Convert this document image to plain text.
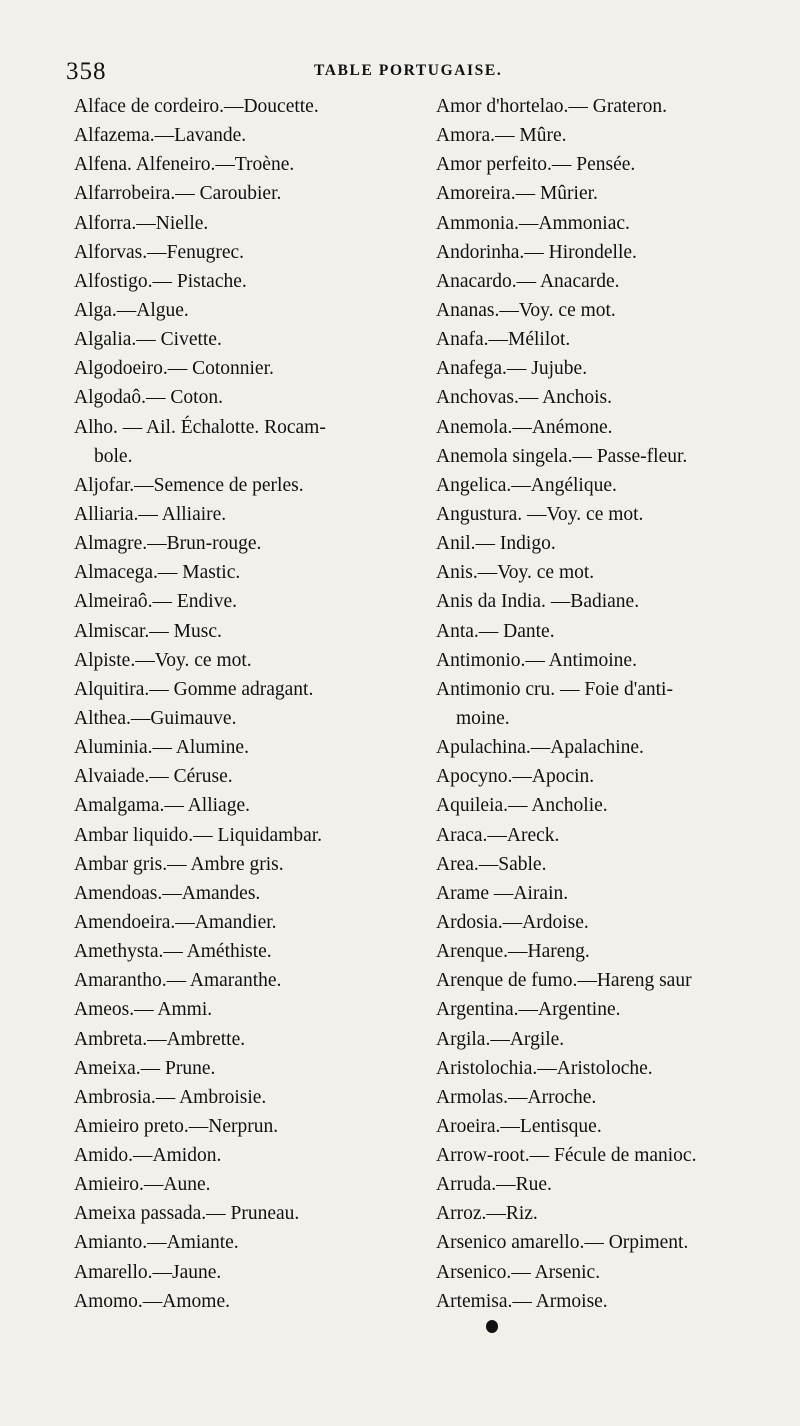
358	TABLE PORTUGAISE.
Alface de cordeiro.—Doucette.
Alfazema.—Lavande.
Alfena. Alfeneiro.—Troène.
Alfarrobeira.— Caroubier.
Alforra.—Nielle.
Alforvas.—Fenugrec.
Alfostigo.— Pistache.
Alga.—Algue.
Algalia.— Civette.
Algodoeiro.— Cotonnier.
Algodaô.— Coton.
Alho. — Ail. Échalotte. Rocam-
bole.
Aljofar.—Semence de perles.
Alliaria.— Alliaire.
Almagre.—Brun-rouge.
Almacega.— Mastic.
Almeiraô.— Endive.
Almiscar.— Musc.
Alpiste.—Voy. ce mot.
Alquitira.— Gomme adragant.
Althea.—Guimauve.
Aluminia.— Alumine.
Alvaiade.— Céruse.
Amalgama.— Alliage.
Ambar liquido.— Liquidambar.
Ambar gris.— Ambre gris.
Amendoas.—Amandes.
Amendoeira.—Amandier.
Amethysta.— Améthiste.
Amarantho.— Amaranthe.
Ameos.— Ammi.
Ambreta.—Ambrette.
Ameixa.— Prune.
Ambrosia.— Ambroisie.
Amieiro preto.—Nerprun.
Amido.—Amidon.
Amieiro.—Aune.
Ameixa passada.— Pruneau.
Amianto.—Amiante.
Amarello.—Jaune.
Amomo.—Amome.
Amor d'hortelao.— Grateron.
Amora.— Mûre.
Amor perfeito.— Pensée.
Amoreira.— Mûrier.
Ammonia.—Ammoniac.
Andorinha.— Hirondelle.
Anacardo.— Anacarde.
Ananas.—Voy. ce mot.
Anafa.—Mélilot.
Anafega.— Jujube.
Anchovas.— Anchois.
Anemola.—Anémone.
Anemola singela.— Passe-fleur.
Angelica.—Angélique.
Angustura. —Voy. ce mot.
Anil.— Indigo.
Anis.—Voy. ce mot.
Anis da India. —Badiane.
Anta.— Dante.
Antimonio.— Antimoine.
Antimonio cru. — Foie d'anti-
moine.
Apulachina.—Apalachine.
Apocyno.—Apocin.
Aquileia.— Ancholie.
Araca.—Areck.
Area.—Sable.
Arame —Airain.
Ardosia.—Ardoise.
Arenque.—Hareng.
Arenque de fumo.—Hareng saur
Argentina.—Argentine.
Argila.—Argile.
Aristolochia.—Aristoloche.
Armolas.—Arroche.
Aroeira.—Lentisque.
Arrow-root.— Fécule de manioc.
Arruda.—Rue.
Arroz.—Riz.
Arsenico amarello.— Orpiment.
Arsenico.— Arsenic.
Artemisa.— Armoise.
